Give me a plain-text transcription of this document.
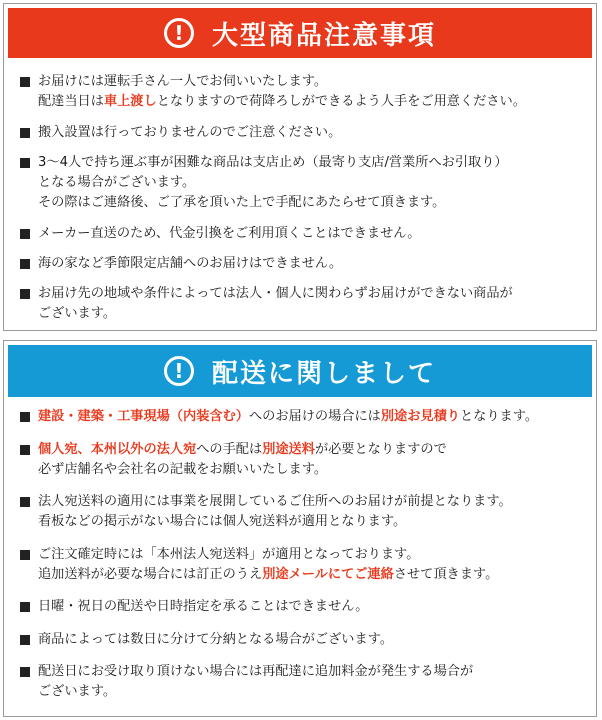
!	大型商品注意事項
お届けには運転手さん一人でお伺いいたします。
配達当日は車上渡しとなりますので荷降ろしができるよう人手をご用意ください。
搬入設置は行っておりませんのでご注意ください。
3〜4人で持ち運ぶ事が困難な商品は支店止め（最寄り支店/営業所へお引取り）
となる場合がございます。
その際はご連絡後、ご了承を頂いた上で手配にあたらせて頂きます。
メーカー直送のため、代金引換をご利用頂くことはできません。
海の家など季節限定店舗へのお届けはできません。
お届け先の地域や条件によっては法人・個人に関わらずお届けができない商品が
ございます。
!	配送に関しまして
建設・建築・工事現場（内装含む）へのお届けの場合には別途お見積りとなります。
個人宛、本州以外の法人宛への手配は別途送料が必要となりますので
必ず店舗名や会社名の記載をお願いいたします。
法人宛送料の適用には事業を展開しているご住所へのお届けが前提となります。
看板などの掲示がない場合には個人宛送料が適用となります。
ご注文確定時には「本州法人宛送料」が適用となっております。
追加送料が必要な場合には訂正のうえ別途メールにてご連絡させて頂きます。
日曜・祝日の配送や日時指定を承ることはできません。
商品によっては数日に分けて分納となる場合がございます。
配送日にお受け取り頂けない場合には再配達に追加料金が発生する場合が
ございます。
